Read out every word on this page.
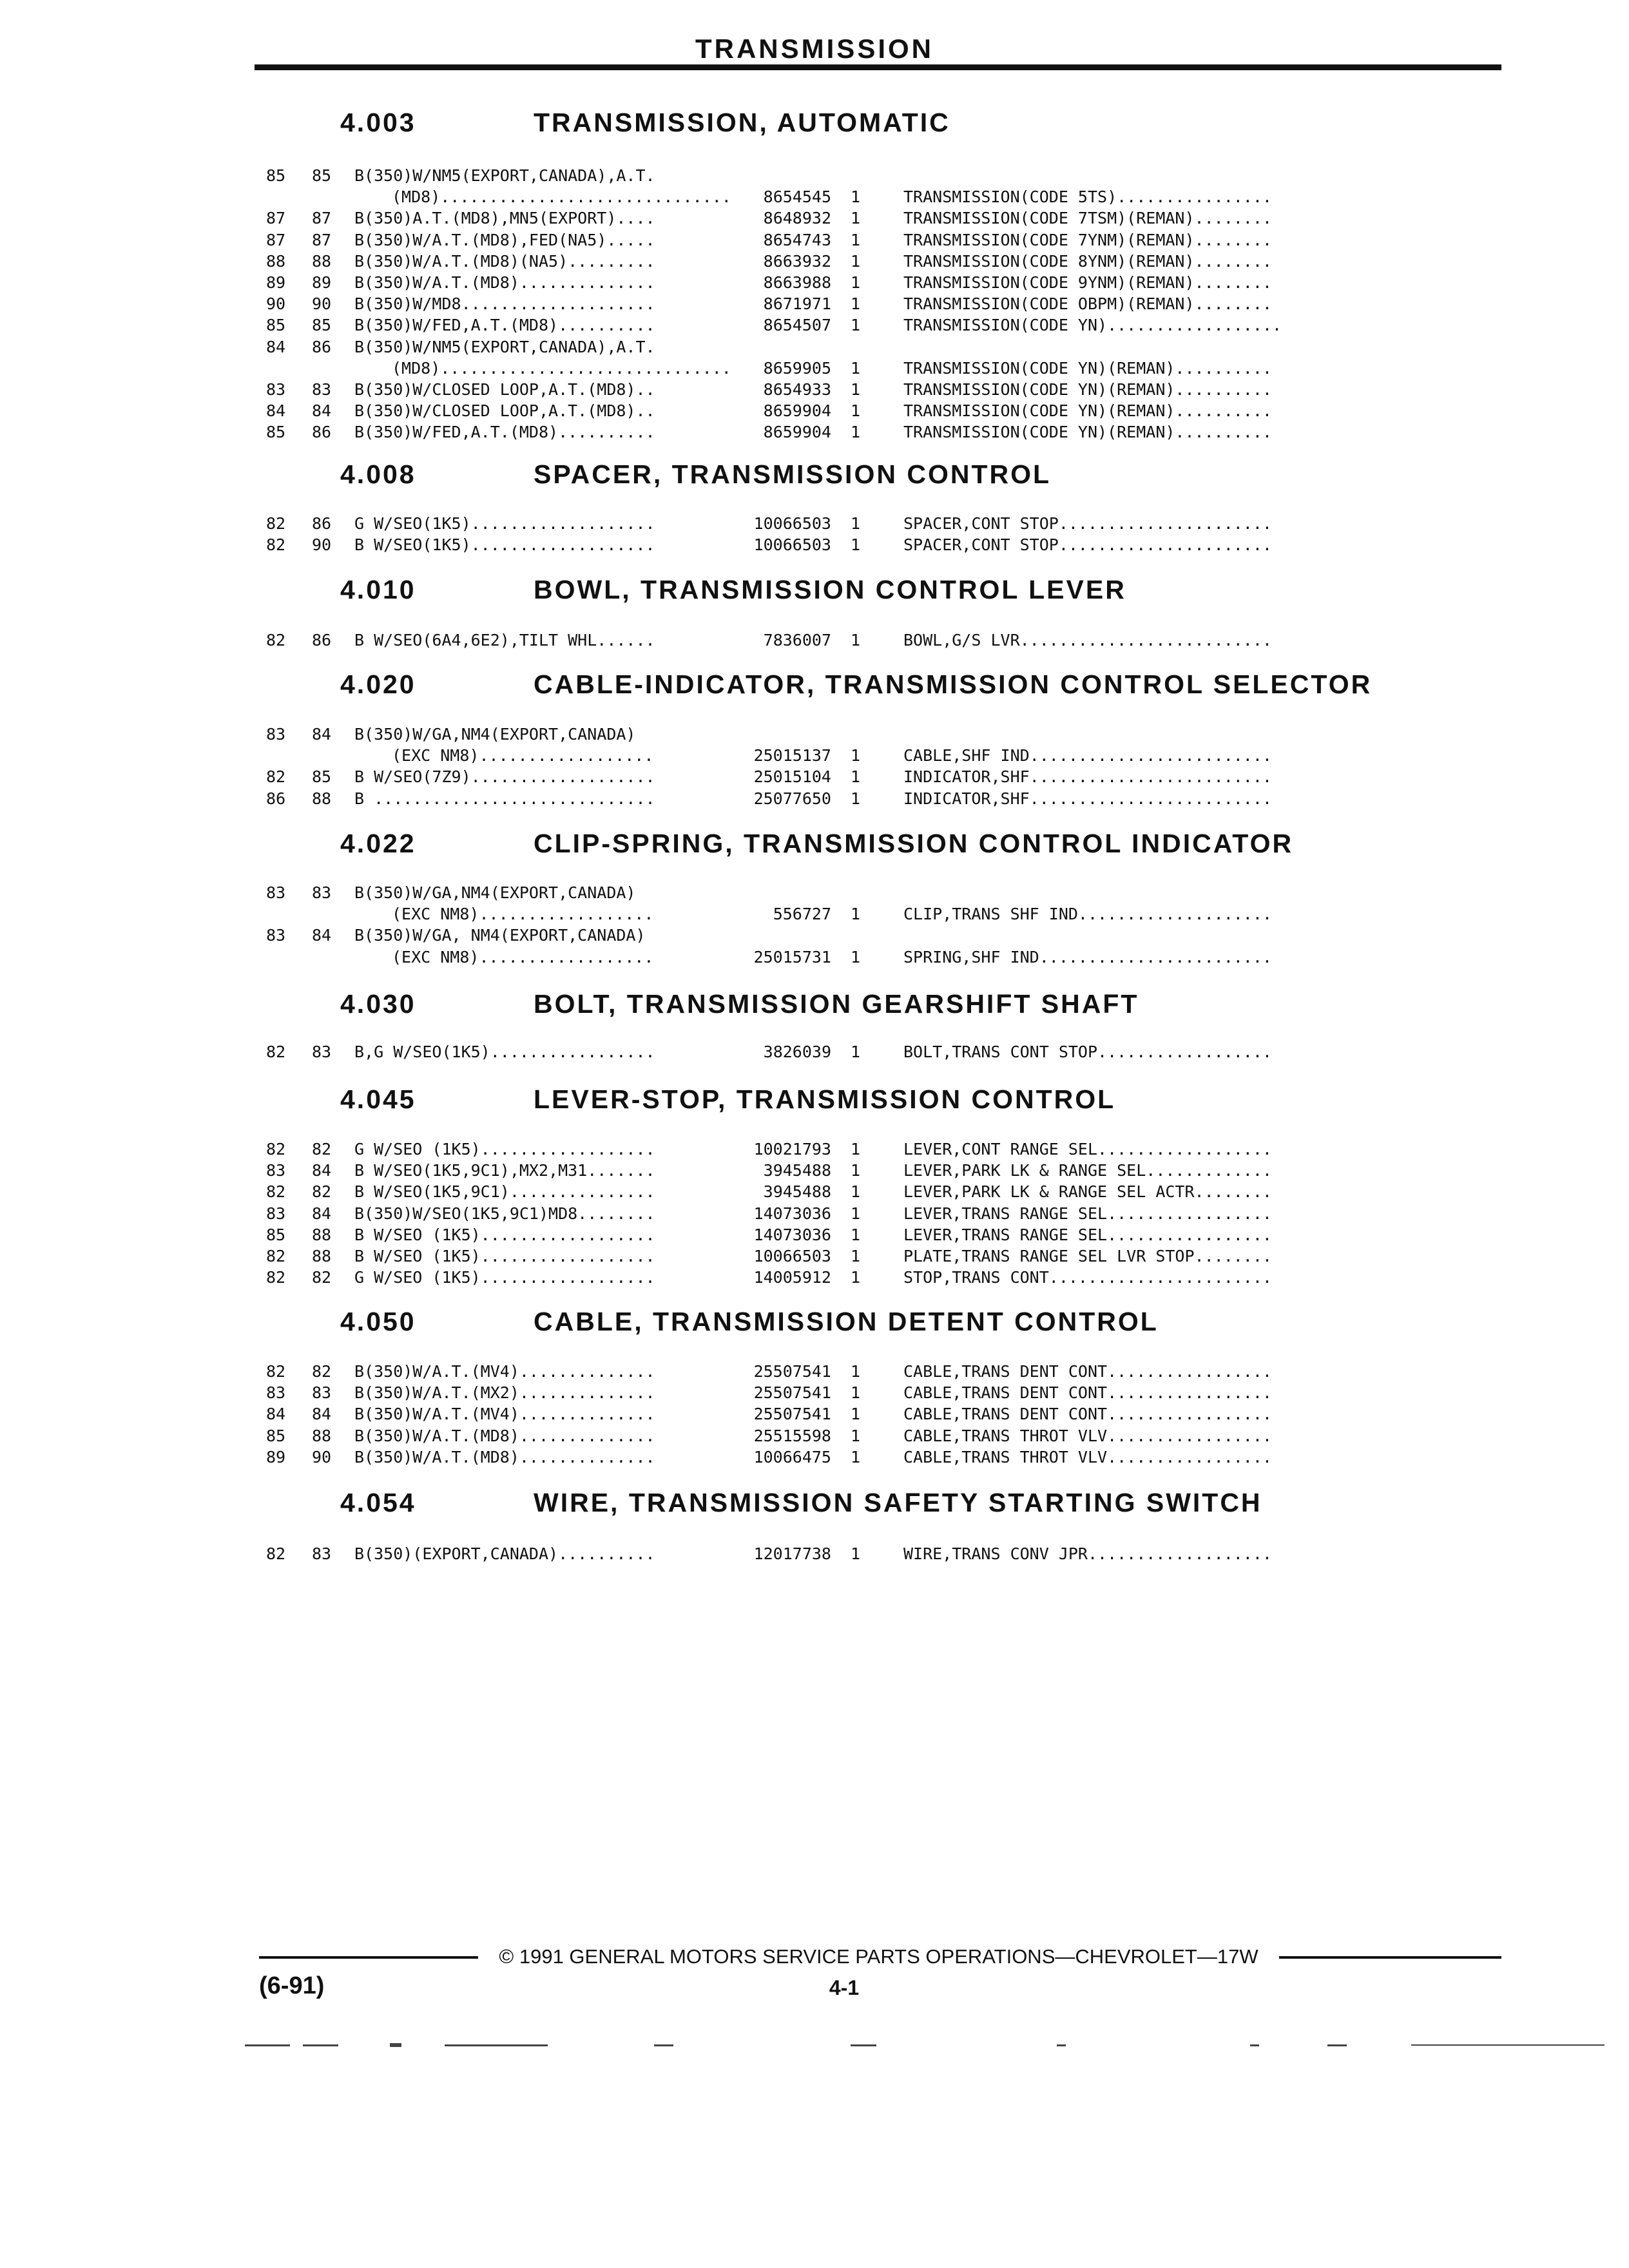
TRANSMISSION
4.003	TRANSMISSION, AUTOMATIC
85 85 B(350)W/NM5(EXPORT,CANADA),A.T.
(MD8)..............................	8654545 1	TRANSMISSION(CODE 5TS)................
87 87 B(350)A.T.(MD8),MN5(EXPORT)....	8648932 1	TRANSMISSION(CODE 7TSM)(REMAN)........
87 87 B(350)W/A.T.(MD8),FED(NA5).....	8654743 1	TRANSMISSION(CODE 7YNM)(REMAN)........
88 88 B(350)W/A.T.(MD8)(NA5).........	8663932 1	TRANSMISSION(CODE 8YNM)(REMAN)........
89 89 B(350)W/A.T.(MD8)..............	8663988 1	TRANSMISSION(CODE 9YNM)(REMAN)........
90 90 B(350)W/MD8....................	8671971 1	TRANSMISSION(CODE OBPM)(REMAN)........
85 85 B(350)W/FED,A.T.(MD8)..........	8654507 1	TRANSMISSION(CODE YN)..................
84 86 B(350)W/NM5(EXPORT,CANADA),A.T.
(MD8)..............................	8659905 1	TRANSMISSION(CODE YN)(REMAN)..........
83 83 B(350)W/CLOSED LOOP,A.T.(MD8)..	8654933 1	TRANSMISSION(CODE YN)(REMAN)..........
84 84 B(350)W/CLOSED LOOP,A.T.(MD8)..	8659904 1	TRANSMISSION(CODE YN)(REMAN)..........
85 86 B(350)W/FED,A.T.(MD8)..........	8659904 1	TRANSMISSION(CODE YN)(REMAN)..........
4.008	SPACER, TRANSMISSION CONTROL
82 86 G W/SEO(1K5)...................	10066503 1	SPACER,CONT STOP......................
82 90 B W/SEO(1K5)...................	10066503 1	SPACER,CONT STOP......................
4.010	BOWL, TRANSMISSION CONTROL LEVER
82 86 B W/SEO(6A4,6E2),TILT WHL......	7836007 1	BOWL,G/S LVR..........................
4.020	CABLE-INDICATOR, TRANSMISSION CONTROL SELECTOR
83 84 B(350)W/GA,NM4(EXPORT,CANADA)
(EXC NM8)..................	25015137 1	CABLE,SHF IND.........................
82 85 B W/SEO(7Z9)...................	25015104 1	INDICATOR,SHF.........................
86 88 B .............................	25077650 1	INDICATOR,SHF.........................
4.022	CLIP-SPRING, TRANSMISSION CONTROL INDICATOR
83 83 B(350)W/GA,NM4(EXPORT,CANADA)
(EXC NM8)..................	556727 1	CLIP,TRANS SHF IND....................
83 84 B(350)W/GA, NM4(EXPORT,CANADA)
(EXC NM8)..................	25015731 1	SPRING,SHF IND........................
4.030	BOLT, TRANSMISSION GEARSHIFT SHAFT
82 83 B,G W/SEO(1K5).................	3826039 1	BOLT,TRANS CONT STOP..................
4.045	LEVER-STOP, TRANSMISSION CONTROL
82 82 G W/SEO (1K5)..................	10021793 1	LEVER,CONT RANGE SEL..................
83 84 B W/SEO(1K5,9C1),MX2,M31.......	3945488 1	LEVER,PARK LK & RANGE SEL.............
82 82 B W/SEO(1K5,9C1)...............	3945488 1	LEVER,PARK LK & RANGE SEL ACTR........
83 84 B(350)W/SEO(1K5,9C1)MD8........	14073036 1	LEVER,TRANS RANGE SEL.................
85 88 B W/SEO (1K5)..................	14073036 1	LEVER,TRANS RANGE SEL.................
82 88 B W/SEO (1K5)..................	10066503 1	PLATE,TRANS RANGE SEL LVR STOP........
82 82 G W/SEO (1K5)..................	14005912 1	STOP,TRANS CONT.......................
4.050	CABLE, TRANSMISSION DETENT CONTROL
82 82 B(350)W/A.T.(MV4)..............	25507541 1	CABLE,TRANS DENT CONT.................
83 83 B(350)W/A.T.(MX2)..............	25507541 1	CABLE,TRANS DENT CONT.................
84 84 B(350)W/A.T.(MV4)..............	25507541 1	CABLE,TRANS DENT CONT.................
85 88 B(350)W/A.T.(MD8)..............	25515598 1	CABLE,TRANS THROT VLV.................
89 90 B(350)W/A.T.(MD8)..............	10066475 1	CABLE,TRANS THROT VLV.................
4.054	WIRE, TRANSMISSION SAFETY STARTING SWITCH
82 83 B(350)(EXPORT,CANADA)..........	12017738 1	WIRE,TRANS CONV JPR...................
© 1991 GENERAL MOTORS SERVICE PARTS OPERATIONS—CHEVROLET—17W
(6-91)	4-1
